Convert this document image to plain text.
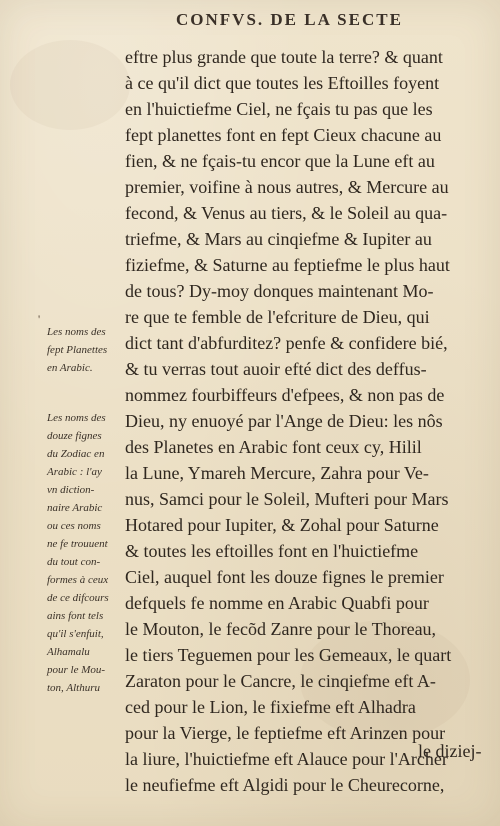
CONFVS. DE LA SECTE
eftre plus grande que toute la terre? & quant
à ce qu'il dict que toutes les Eftoilles foyent
en l'huictiefme Ciel, ne fçais tu pas que les
fept planettes font en fept Cieux chacune au
fien, & ne fçais-tu encor que la Lune eft au
premier, voifine à nous autres, & Mercure au
fecond, & Venus au tiers, & le Soleil au qua-
triefme, & Mars au cinqiefme & Iupiter au
fiziefme, & Saturne au feptiefme le plus haut
de tous? Dy-moy donques maintenant Mo-
re que te femble de l'efcriture de Dieu, qui
dict tant d'abfurditez? penfe & confidere bié,
& tu verras tout auoir efté dict des deffus-
nommez fourbiffeurs d'efpees, & non pas de
Dieu, ny enuoyé par l'Ange de Dieu: les nôs
des Planetes en Arabic font ceux cy, Hilil
la Lune, Ymareh Mercure, Zahra pour Ve-
nus, Samci pour le Soleil, Mufteri pour Mars
Hotared pour Iupiter, & Zohal pour Saturne
& toutes les eftoilles font en l'huictiefme
Ciel, auquel font les douze fignes le premier
defquels fe nomme en Arabic Quabfi pour
le Mouton, le fecõd Zanre pour le Thoreau,
le tiers Teguemen pour les Gemeaux, le quart
Zaraton pour le Cancre, le cinqiefme eft A-
ced pour le Lion, le fixiefme eft Alhadra
pour la Vierge, le feptiefme eft Arinzen pour
la liure, l'huictiefme eft Alauce pour l'Archer
le neufiefme eft Algidi pour le Cheurecorne,
Les noms des
fept Planettes
en Arabic.
Les noms des
douze fignes
du Zodiac en
Arabic : l'ay
vn diction-
naire Arabic
ou ces noms
ne fe trouuent
du tout con-
formes à ceux
de ce difcours
ains font tels
qu'il s'enfuit,
Alhamalu
pour le Mou-
ton, Althuru
'
le diziej-
